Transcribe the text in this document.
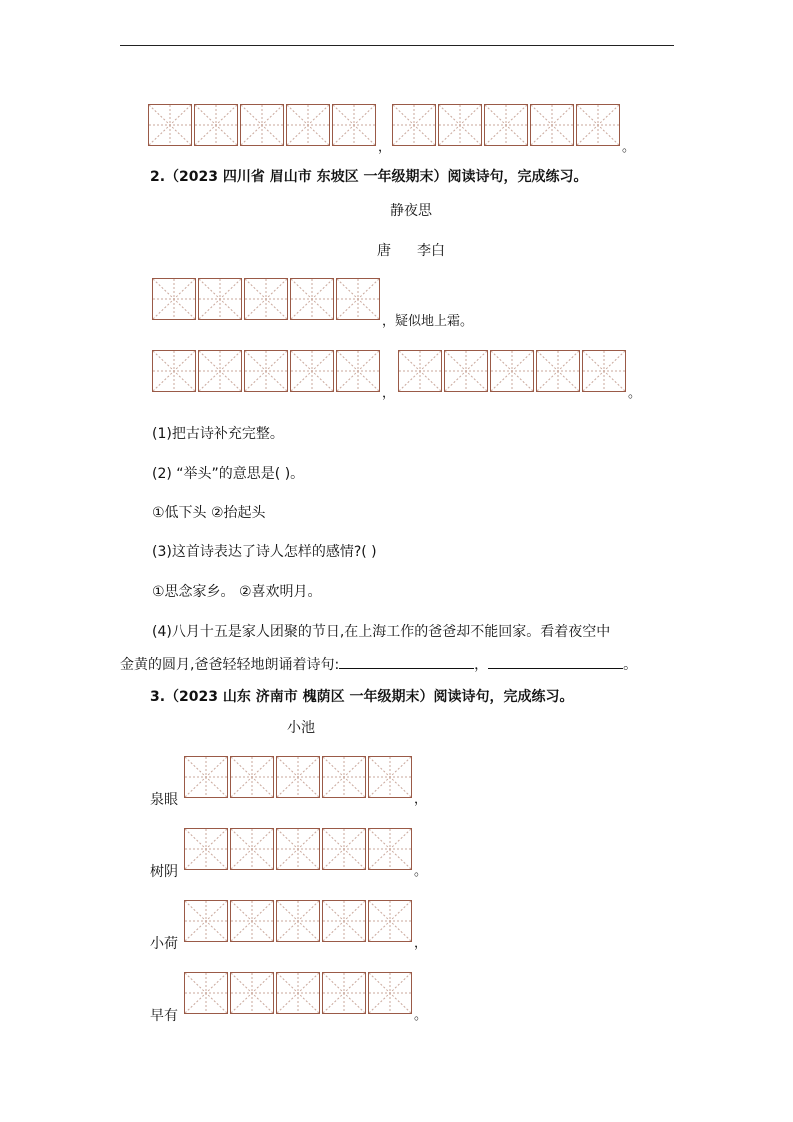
，	。
2.（2023 四川省 眉山市 东坡区 一年级期末）阅读诗句，完成练习。
静夜思
唐 李白
，疑似地上霜。
，	。
(1)把古诗补充完整。
(2) “举头”的意思是( )。
①低下头 ②抬起头
(3)这首诗表达了诗人怎样的感情?( )
①思念家乡。 ②喜欢明月。
(4)八月十五是家人团聚的节日,在上海工作的爸爸却不能回家。看着夜空中
金黄的圆月,爸爸轻轻地朗诵着诗句:	，	。
3.（2023 山东 济南市 槐荫区 一年级期末）阅读诗句，完成练习。
小池
泉眼	，
树阴	。
小荷	，
早有	。
